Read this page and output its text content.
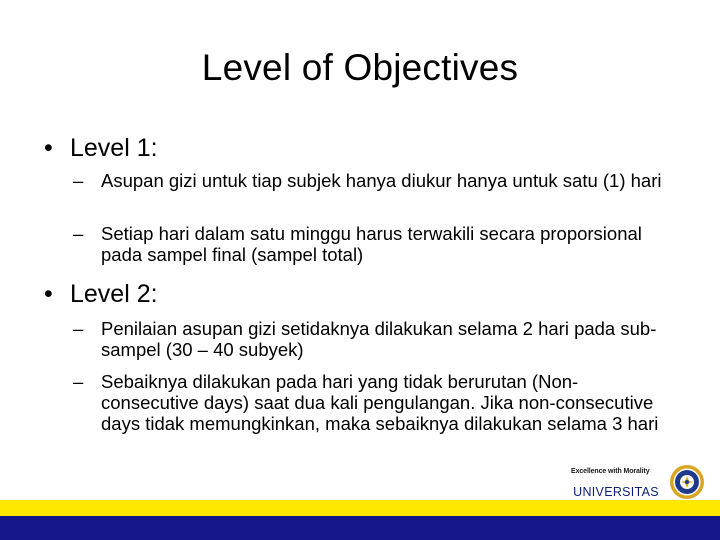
Level of Objectives
• Level 1:
– Asupan gizi untuk tiap subjek hanya diukur hanya untuk satu (1) hari
– Setiap hari dalam satu minggu harus terwakili secara proporsional pada sampel final (sampel total)
• Level 2:
– Penilaian asupan gizi setidaknya dilakukan selama 2 hari pada sub-sampel (30 – 40 subyek)
– Sebaiknya dilakukan pada hari yang tidak berurutan (Non-consecutive days) saat dua kali pengulangan. Jika non-consecutive days tidak memungkinkan, maka sebaiknya dilakukan selama 3 hari
Excellence with Morality
UNIVERSITAS
